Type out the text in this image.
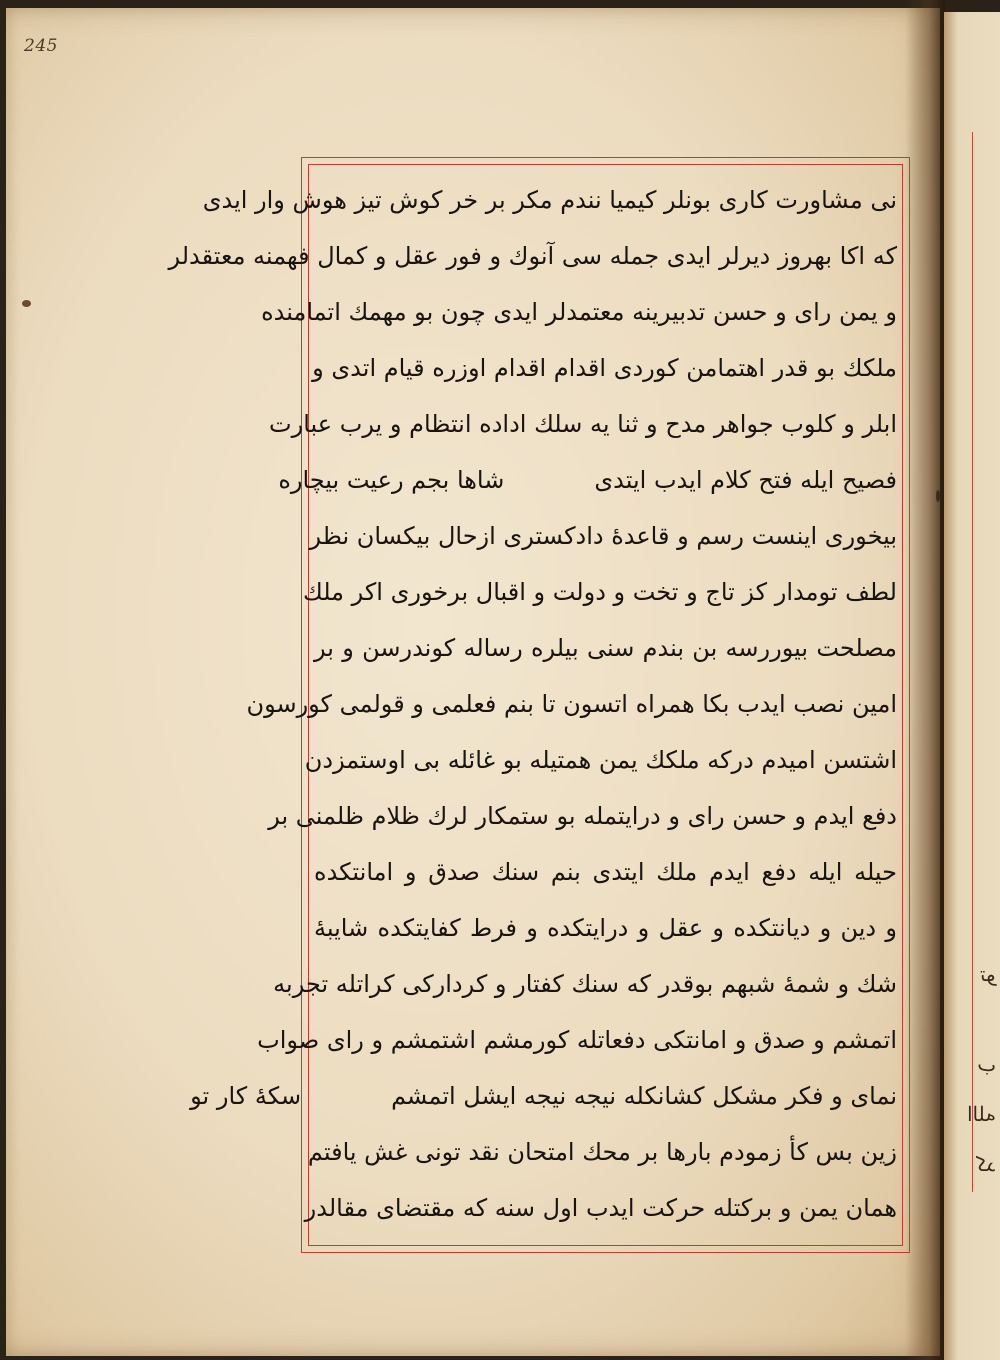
تو
ب
الله
کد
245
نی مشاورت کاری بونلر کیمیا نندم مکر بر خر کوش تیز هوش وار ایدی
که اکا بهروز دیرلر ایدی جمله سی آنوك و فور عقل و کمال فهمنه معتقدلر
و یمن رای و حسن تدبیرینه معتمدلر ایدی چون بو مهمك اتمامنده
ملکك بو قدر اهتمامن کوردی اقدام اقدام اوزره قیام اتدی و
ابلر و کلوب جواهر مدح و ثنا یه سلك اداده انتظام و یرب عبارت
فصیح ایله فتح کلام ایدب ایتدیشاها بجم رعیت بیچاره
بیخوری اینست رسم و قاعدهٔ دادکستری ازحال بیکسان نظر
لطف تومدار کز تاج و تخت و دولت و اقبال برخوری اکر ملك
مصلحت بیوررسه بن بندم سنی بیلره رساله کوندرسن و بر
امین نصب ایدب بکا همراه اتسون تا بنم فعلمی و قولمی کورسون
اشتسن امیدم درکه ملکك یمن همتیله بو غائله بی اوستمزدن
دفع ایدم و حسن رای و درایتمله بو ستمکار لرك ظلام ظلمنی بر
حیله ایله دفع ایدم ملك ایتدی بنم سنك صدق و امانتکده
و دین و دیانتکده و عقل و درایتکده و فرط کفایتکده شایبهٔ
شك و شمهٔ شبهم بوقدر که سنك کفتار و کردارکی کراتله تجربه
اتمشم و صدق و امانتکی دفعاتله کورمشم اشتمشم و رای صواب
نمای و فکر مشکل کشانکله نیجه نیجه ایشل اتمشمسکهٔ کار تو
زین بس کأ زمودم بارها بر محك امتحان نقد تونی غش یافتم
همان یمن و برکتله حرکت ایدب اول سنه که مقتضای مقالدر
